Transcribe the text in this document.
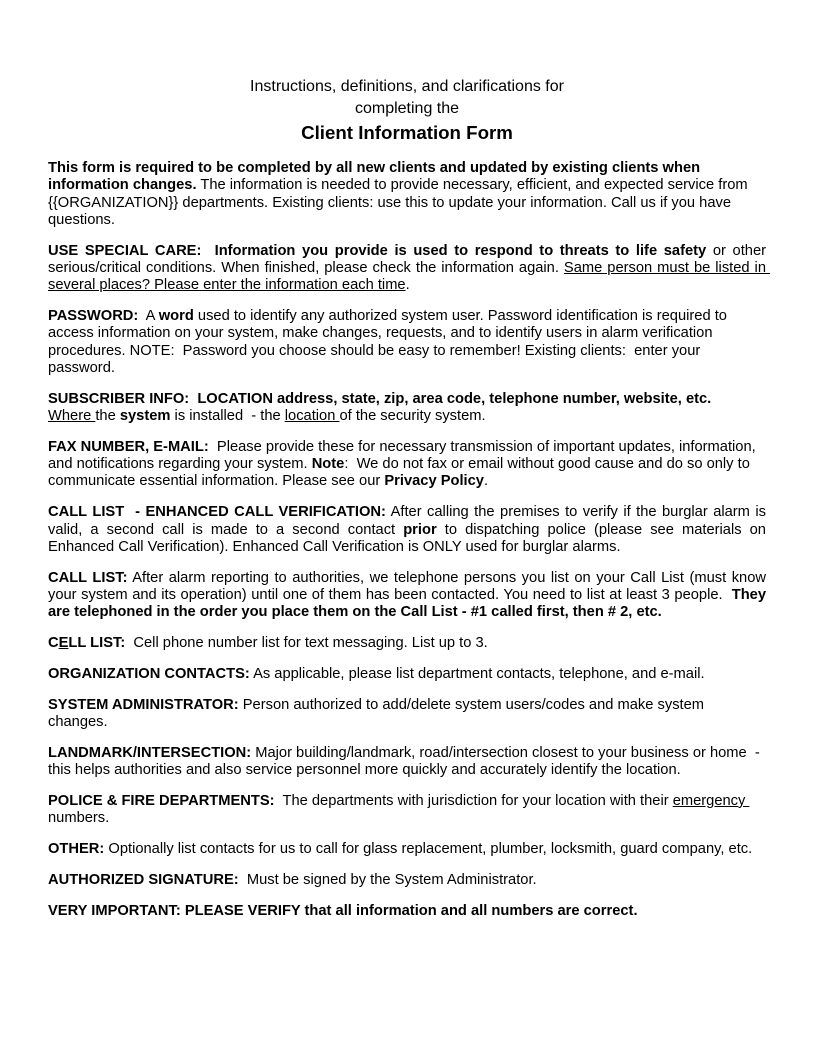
Instructions, definitions, and clarifications for
completing the
Client Information Form

This form is required to be completed by all new clients and updated by existing clients when information changes. The information is needed to provide necessary, efficient, and expected service from {{ORGANIZATION}} departments. Existing clients: use this to update your information. Call us if you have questions.

USE SPECIAL CARE:  Information you provide is used to respond to threats to life safety or other serious/critical conditions. When finished, please check the information again. Same person must be listed in several places? Please enter the information each time.

PASSWORD:  A word used to identify any authorized system user. Password identification is required to access information on your system, make changes, requests, and to identify users in alarm verification procedures. NOTE:  Password you choose should be easy to remember! Existing clients:  enter your password.

SUBSCRIBER INFO:  LOCATION address, state, zip, area code, telephone number, website, etc.
Where the system is installed  - the location of the security system.

FAX NUMBER, E-MAIL:  Please provide these for necessary transmission of important updates, information, and notifications regarding your system. Note:  We do not fax or email without good cause and do so only to communicate essential information. Please see our Privacy Policy.

CALL LIST  - ENHANCED CALL VERIFICATION: After calling the premises to verify if the burglar alarm is valid, a second call is made to a second contact prior to dispatching police (please see materials on Enhanced Call Verification). Enhanced Call Verification is ONLY used for burglar alarms.

CALL LIST: After alarm reporting to authorities, we telephone persons you list on your Call List (must know your system and its operation) until one of them has been contacted. You need to list at least 3 people.  They are telephoned in the order you place them on the Call List - #1 called first, then # 2, etc.

CELL LIST:  Cell phone number list for text messaging. List up to 3.

ORGANIZATION CONTACTS: As applicable, please list department contacts, telephone, and e-mail.

SYSTEM ADMINISTRATOR: Person authorized to add/delete system users/codes and make system changes.

LANDMARK/INTERSECTION: Major building/landmark, road/intersection closest to your business or home  - this helps authorities and also service personnel more quickly and accurately identify the location.

POLICE & FIRE DEPARTMENTS:  The departments with jurisdiction for your location with their emergency numbers.

OTHER: Optionally list contacts for us to call for glass replacement, plumber, locksmith, guard company, etc.

AUTHORIZED SIGNATURE:  Must be signed by the System Administrator.

VERY IMPORTANT: PLEASE VERIFY that all information and all numbers are correct.
